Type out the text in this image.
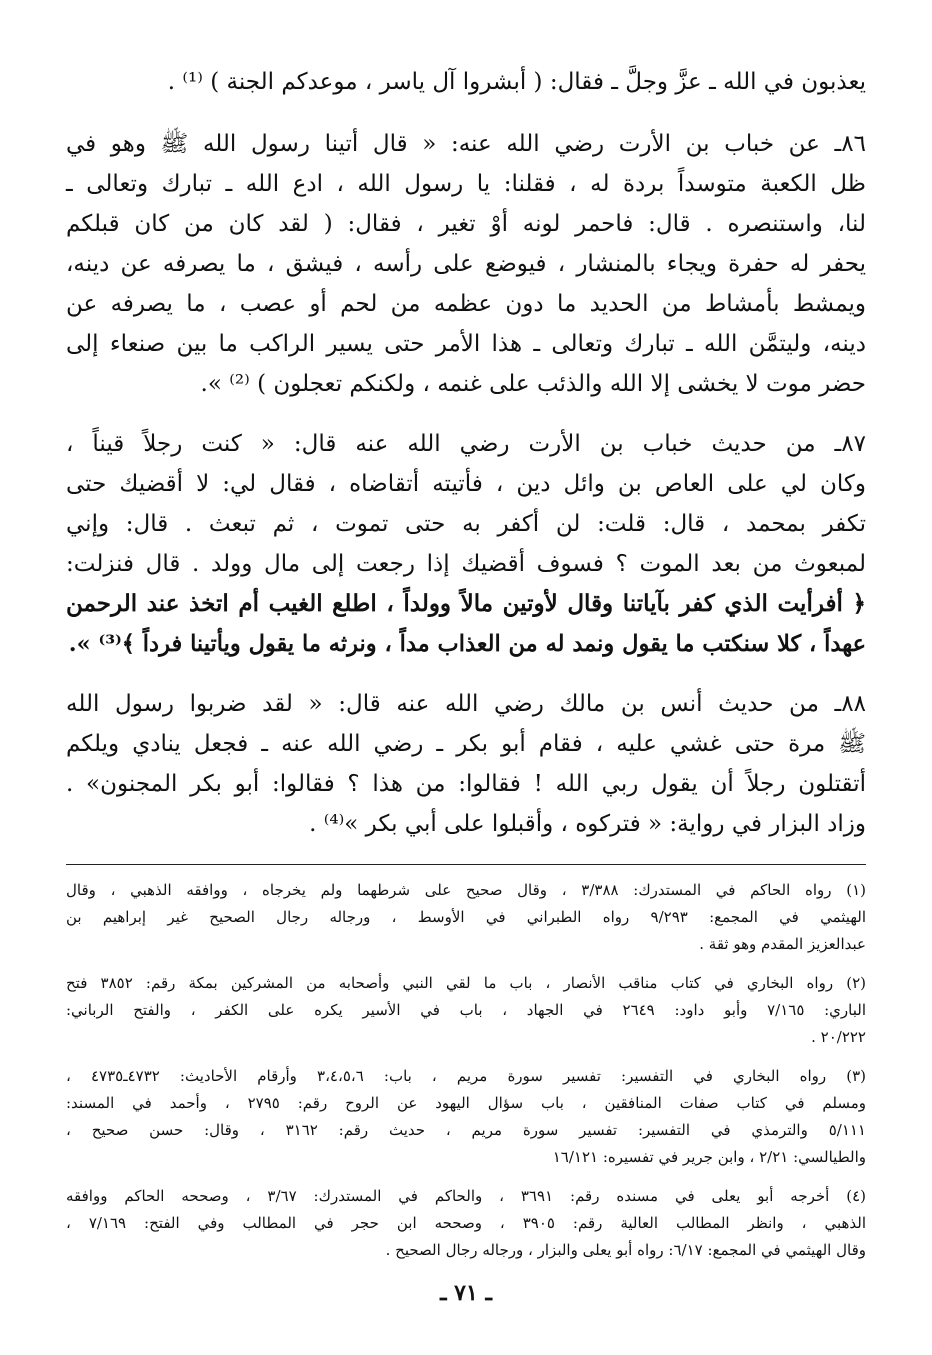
يعذبون في الله ـ عزَّ وجلَّ ـ فقال: ( أبشروا آل ياسر ، موعدكم الجنة ) ⁽¹⁾ .
٨٦ـ عن خباب بن الأرت رضي الله عنه: « قال أتينا رسول الله ﷺ وهو في
ظل الكعبة متوسداً بردة له ، فقلنا: يا رسول الله ، ادع الله ـ تبارك وتعالى ـ
لنا، واستنصره . قال: فاحمر لونه أوْ تغير ، فقال: ( لقد كان من كان قبلكم
يحفر له حفرة ويجاء بالمنشار ، فيوضع على رأسه ، فيشق ، ما يصرفه عن دينه،
ويمشط بأمشاط من الحديد ما دون عظمه من لحم أو عصب ، ما يصرفه عن
دينه، وليتمَّن الله ـ تبارك وتعالى ـ هذا الأمر حتى يسير الراكب ما بين صنعاء إلى
حضر موت لا يخشى إلا الله والذئب على غنمه ، ولكنكم تعجلون ) ⁽²⁾ ».
٨٧ـ من حديث خباب بن الأرت رضي الله عنه قال: « كنت رجلاً قيناً ،
وكان لي على العاص بن وائل دين ، فأتيته أتقاضاه ، فقال لي: لا أقضيك حتى
تكفر بمحمد ، قال: قلت: لن أكفر به حتى تموت ، ثم تبعث . قال: وإني
لمبعوث من بعد الموت ؟ فسوف أقضيك إذا رجعت إلى مال وولد . قال فنزلت:
﴿ أفرأيت الذي كفر بآياتنا وقال لأوتين مالاً وولداً ، اطلع الغيب أم اتخذ عند الرحمن
عهداً ، كلا سنكتب ما يقول ونمد له من العذاب مداً ، ونرثه ما يقول ويأتينا فرداً ﴾⁽³⁾ ».
٨٨ـ من حديث أنس بن مالك رضي الله عنه قال: « لقد ضربوا رسول الله
ﷺ مرة حتى غشي عليه ، فقام أبو بكر ـ رضي الله عنه ـ فجعل ينادي ويلكم
أتقتلون رجلاً أن يقول ربي الله ! فقالوا: من هذا ؟ فقالوا: أبو بكر المجنون» .
وزاد البزار في رواية: « فتركوه ، وأقبلوا على أبي بكر »⁽⁴⁾ .
(١) رواه الحاكم في المستدرك: ٣/٣٨٨ ، وقال صحيح على شرطهما ولم يخرجاه ، ووافقه الذهبي ، وقال
الهيثمي في المجمع: ٩/٢٩٣ رواه الطبراني في الأوسط ، ورجاله رجال الصحيح غير إبراهيم بن
عبدالعزيز المقدم وهو ثقة .
(٢) رواه البخاري في كتاب مناقب الأنصار ، باب ما لقي النبي وأصحابه من المشركين بمكة رقم: ٣٨٥٢ فتح
الباري: ٧/١٦٥ وأبو داود: ٢٦٤٩ في الجهاد ، باب في الأسير يكره على الكفر ، والفتح الرباني:
٢٠/٢٢٢ .
(٣) رواه البخاري في التفسير: تفسير سورة مريم ، باب: ٣،٤،٥،٦ وأرقام الأحاديث: ٤٧٣٢ـ٤٧٣٥ ،
ومسلم في كتاب صفات المنافقين ، باب سؤال اليهود عن الروح رقم: ٢٧٩٥ ، وأحمد في المسند:
٥/١١١ والترمذي في التفسير: تفسير سورة مريم ، حديث رقم: ٣١٦٢ ، وقال: حسن صحيح ،
والطيالسي: ٢/٢١ ، وابن جرير في تفسيره: ١٦/١٢١
(٤) أخرجه أبو يعلى في مسنده رقم: ٣٦٩١ ، والحاكم في المستدرك: ٣/٦٧ ، وصححه الحاكم ووافقه
الذهبي ، وانظر المطالب العالية رقم: ٣٩٠٥ ، وصححه ابن حجر في المطالب وفي الفتح: ٧/١٦٩ ،
وقال الهيثمي في المجمع: ٦/١٧: رواه أبو يعلى والبزار ، ورجاله رجال الصحيح .
ـ ٧١ ـ
